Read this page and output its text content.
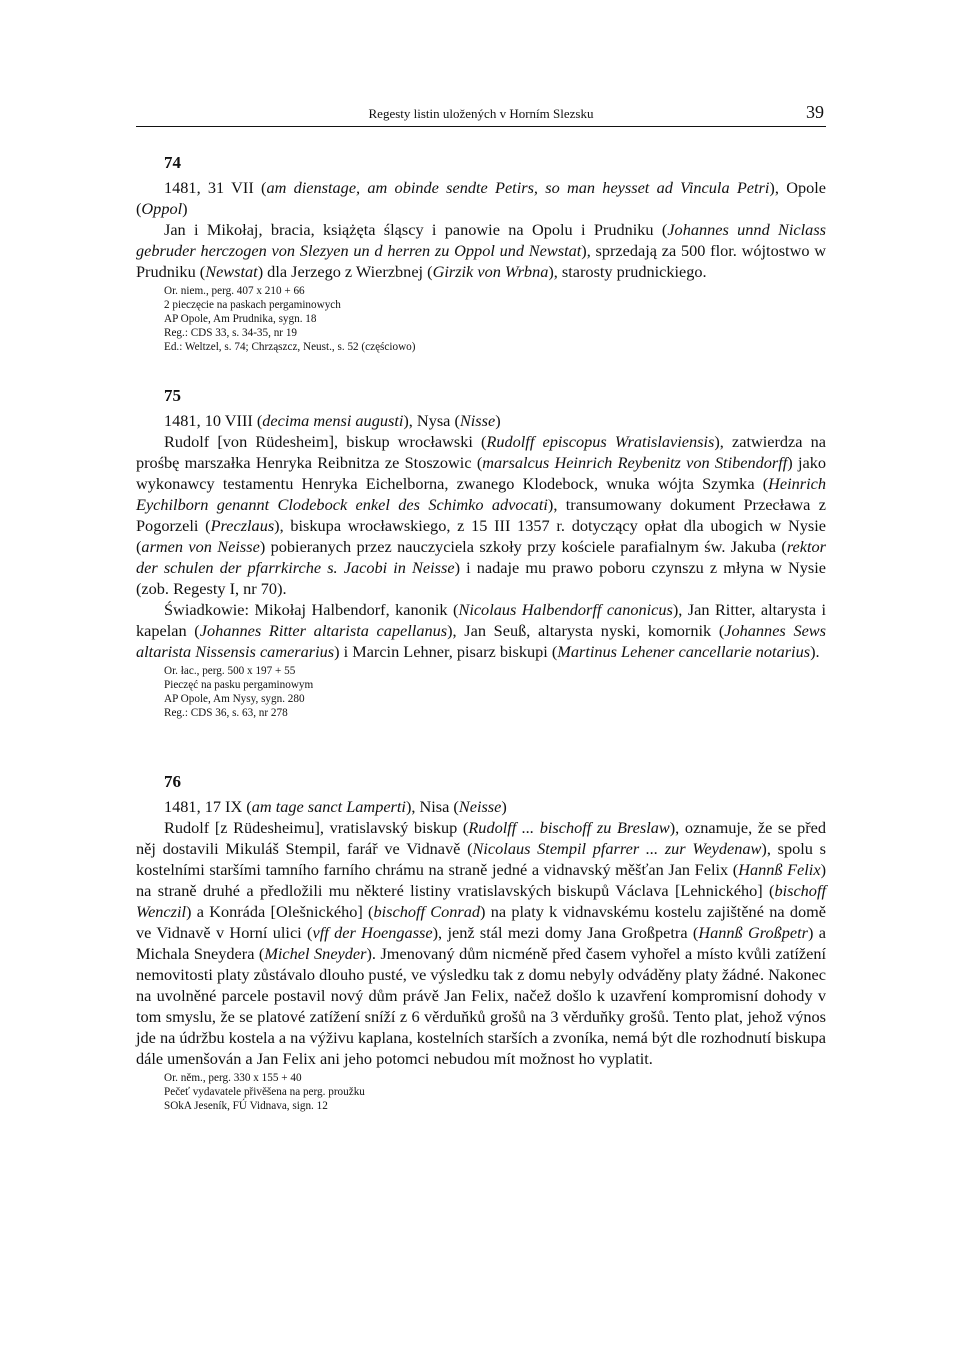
Regesty listin uložených v Horním Slezsku	39
74

1481, 31 VII (am dienstage, am obinde sendte Petirs, so man heysset ad Vincula Petri), Opole (Oppol)

Jan i Mikołaj, bracia, książęta śląscy i panowie na Opolu i Prudniku (Johannes unnd Niclass gebruder herczogen von Slezyen un d herren zu Oppol und Newstat), sprzedają za 500 flor. wójtostwo w Prudniku (Newstat) dla Jerzego z Wierzbnej (Girzik von Wrbna), starosty prudnickiego.

Or. niem., perg. 407 x 210 + 66

2 pieczęcie na paskach pergaminowych

AP Opole, Am Prudnika, sygn. 18

Reg.: CDS 33, s. 34-35, nr 19

Ed.: Weltzel, s. 74; Chrząszcz, Neust., s. 52 (częściowo)

75

1481, 10 VIII (decima mensi augusti), Nysa (Nisse)

Rudolf [von Rüdesheim], biskup wrocławski (Rudolff episcopus Wratislaviensis), zatwierdza na prośbę marszałka Henryka Reibnitza ze Stoszowic (marsalcus Heinrich Reybenitz von Stibendorff) jako wykonawcy testamentu Henryka Eichelborna, zwanego Klodebock, wnuka wójta Szymka (Heinrich Eychilborn genannt Clodebock enkel des Schimko advocati), transumowany dokument Przecława z Pogorzeli (Preczlaus), biskupa wrocławskiego, z 15 III 1357 r. dotyczący opłat dla ubogich w Nysie (armen von Neisse) pobieranych przez nauczyciela szkoły przy kościele parafialnym św. Jakuba (rektor der schulen der pfarrkirche s. Jacobi in Neisse) i nadaje mu prawo poboru czynszu z młyna w Nysie (zob. Regesty I, nr 70).

Świadkowie: Mikołaj Halbendorf, kanonik (Nicolaus Halbendorff canonicus), Jan Ritter, altarysta i kapelan (Johannes Ritter altarista capellanus), Jan Seuß, altarysta nyski, komornik (Johannes Sews altarista Nissensis camerarius) i Marcin Lehner, pisarz biskupi (Martinus Lehener cancellarie notarius).

Or. łac., perg. 500 x 197 + 55

Pieczęć na pasku pergaminowym

AP Opole, Am Nysy, sygn. 280

Reg.: CDS 36, s. 63, nr 278

76

1481, 17 IX (am tage sanct Lamperti), Nisa (Neisse)

Rudolf [z Rüdesheimu], vratislavský biskup (Rudolff ... bischoff zu Breslaw), oznamuje, že se před něj dostavili Mikuláš Stempil, farář ve Vidnavě (Nicolaus Stempil pfarrer ... zur Weydenaw), spolu s kostelními staršími tamního farního chrámu na straně jedné a vidnavský měšťan Jan Felix (Hannß Felix) na straně druhé a předložili mu některé listiny vratislavských biskupů Václava [Lehnického] (bischoff Wenczil) a Konráda [Olešnického] (bischoff Conrad) na platy k vidnavskému kostelu zajištěné na domě ve Vidnavě v Horní ulici (vff der Hoengasse), jenž stál mezi domy Jana Großpetra (Hannß Großpetr) a Michala Sneydera (Michel Sneyder). Jmenovaný dům nicméně před časem vyhořel a místo kvůli zatížení nemovitosti platy zůstávalo dlouho pusté, ve výsledku tak z domu nebyly odváděny platy žádné. Nakonec na uvolněné parcele postavil nový dům právě Jan Felix, načež došlo k uzavření kompromisní dohody v tom smyslu, že se platové zatížení sníží z 6 věrduňků grošů na 3 věrduňky grošů. Tento plat, jehož výnos jde na údržbu kostela a na výživu kaplana, kostelních starších a zvoníka, nemá být dle rozhodnutí biskupa dále umenšován a Jan Felix ani jeho potomci nebudou mít možnost ho vyplatit.

Or. něm., perg. 330 x 155 + 40

Pečeť vydavatele přivěšena na perg. proužku

SOkA Jeseník, FÚ Vidnava, sign. 12
